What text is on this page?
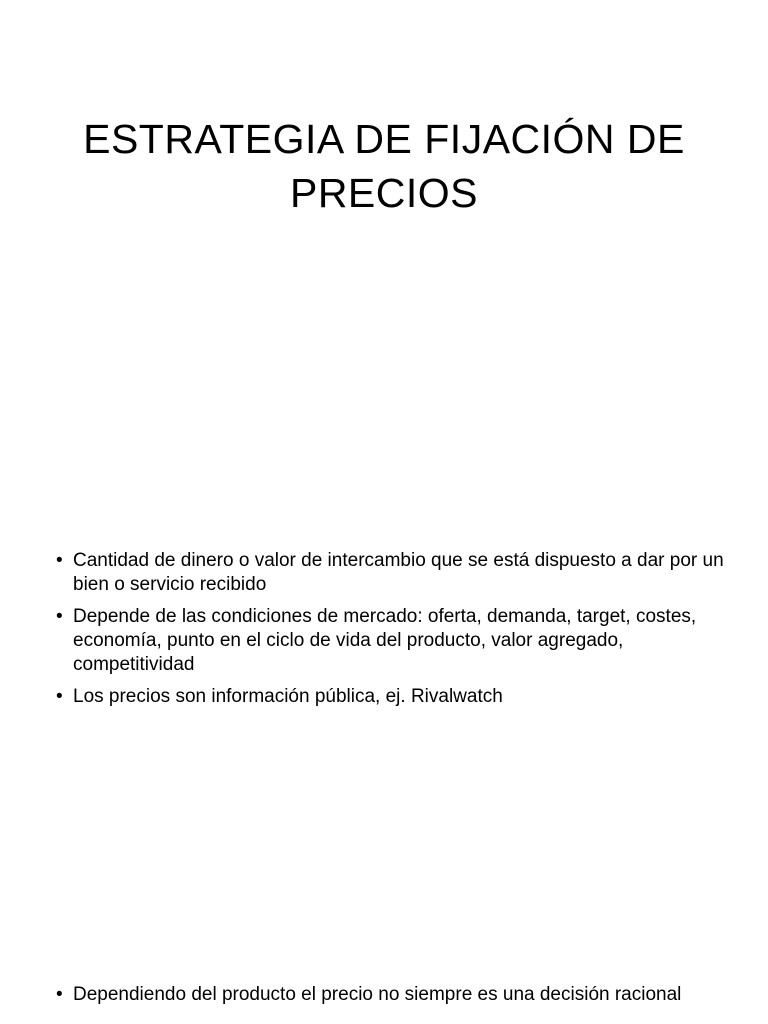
ESTRATEGIA DE FIJACIÓN DE PRECIOS
• Cantidad de dinero o valor de intercambio que se está dispuesto a dar por un bien o servicio recibido
• Depende de las condiciones de mercado: oferta, demanda, target, costes, economía, punto en el ciclo de vida del producto, valor agregado, competitividad
• Los precios son información pública, ej. Rivalwatch
• Dependiendo del producto el precio no siempre es una decisión racional
